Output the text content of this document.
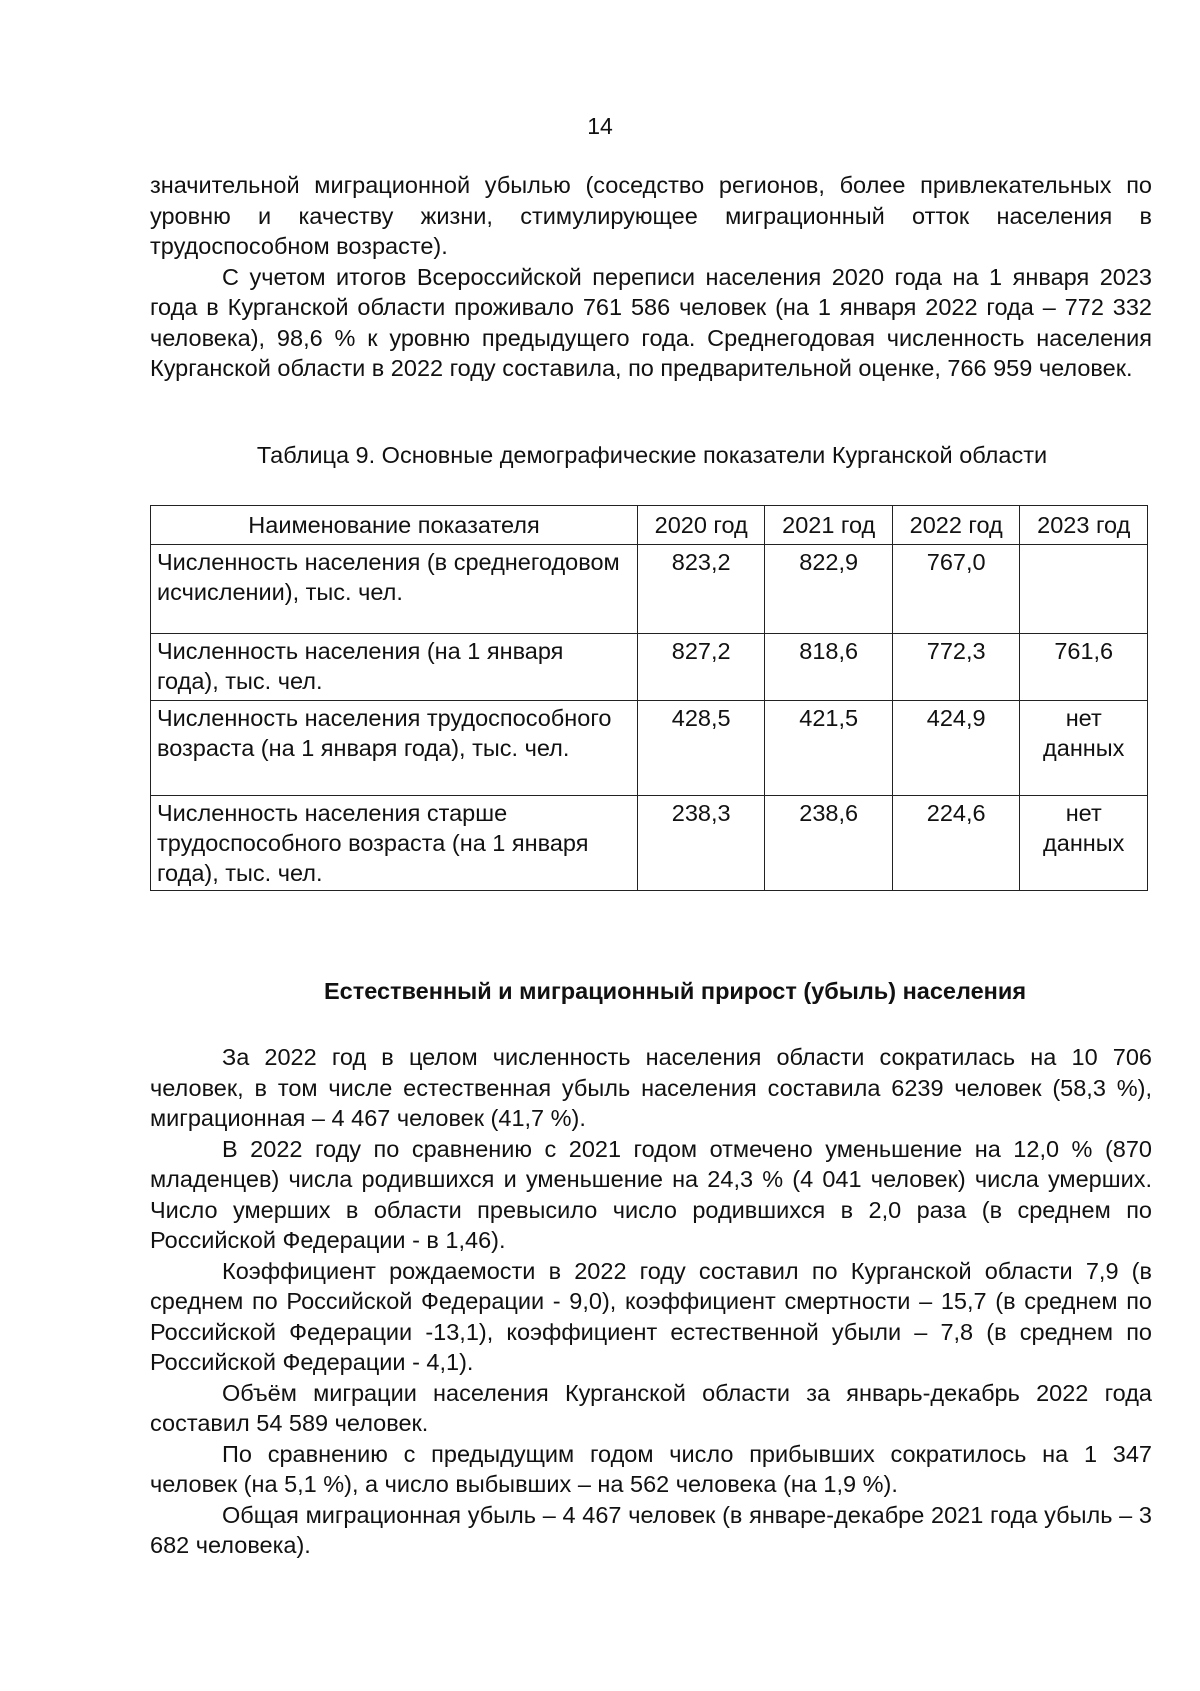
14

значительной миграционной убылью (соседство регионов, более привлекательных по уровню и качеству жизни, стимулирующее миграционный отток населения в трудоспособном возрасте).

С учетом итогов Всероссийской переписи населения 2020 года на 1 января 2023 года в Курганской области проживало 761 586 человек (на 1 января 2022 года – 772 332 человека), 98,6 % к уровню предыдущего года. Среднегодовая численность населения Курганской области в 2022 году составила, по предварительной оценке, 766 959 человек.

Таблица 9. Основные демографические показатели Курганской области
Наименование показателя	2020 год	2021 год	2022 год	2023 год
Численность населения (в среднегодовом исчислении), тыс. чел.	823,2	822,9	767,0	
Численность населения (на 1 января года), тыс. чел.	827,2	818,6	772,3	761,6
Численность населения трудоспособного возраста (на 1 января года), тыс. чел.	428,5	421,5	424,9	нет данных
Численность населения старше трудоспособного возраста (на 1 января года), тыс. чел.	238,3	238,6	224,6	нет данных
Естественный и миграционный прирост (убыль) населения

За 2022 год в целом численность населения области сократилась на 10 706 человек, в том числе естественная убыль населения составила 6239 человек (58,3 %), миграционная – 4 467 человек (41,7 %).

В 2022 году по сравнению с 2021 годом отмечено уменьшение на 12,0 % (870 младенцев) числа родившихся и уменьшение на 24,3 % (4 041 человек) числа умерших. Число умерших в области превысило число родившихся в 2,0 раза (в среднем по Российской Федерации - в 1,46).

Коэффициент рождаемости в 2022 году составил по Курганской области 7,9 (в среднем по Российской Федерации - 9,0), коэффициент смертности – 15,7 (в среднем по Российской Федерации -13,1), коэффициент естественной убыли – 7,8 (в среднем по Российской Федерации - 4,1).

Объём миграции населения Курганской области за январь-декабрь 2022 года составил 54 589 человек.

По сравнению с предыдущим годом число прибывших сократилось на 1 347 человек (на 5,1 %), а число выбывших – на 562 человека (на 1,9 %).

Общая миграционная убыль – 4 467 человек (в январе-декабре 2021 года убыль – 3 682 человека).
